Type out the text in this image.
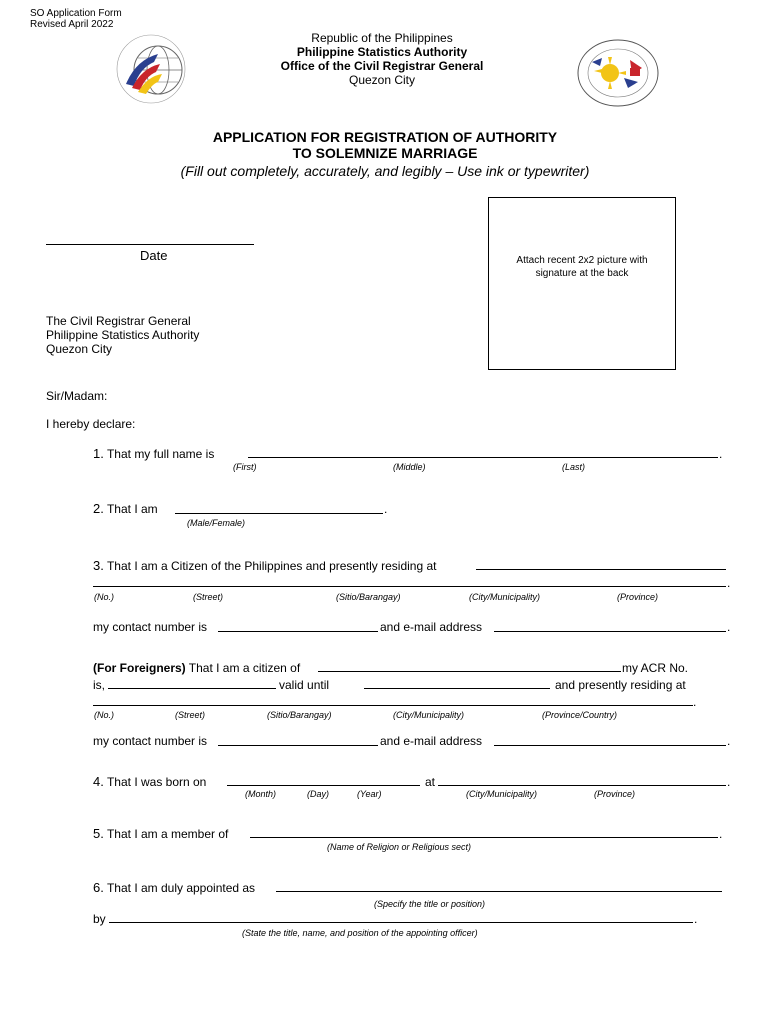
SO Application Form
Revised April 2022
Republic of the Philippines
Philippine Statistics Authority
Office of the Civil Registrar General
Quezon City
APPLICATION FOR REGISTRATION OF AUTHORITY
TO SOLEMNIZE MARRIAGE
(Fill out completely, accurately, and legibly – Use ink or typewriter)
Date	Attach recent 2x2 picture with
signature at the back
The Civil Registrar General
Philippine Statistics Authority
Quezon City
Sir/Madam:
I hereby declare:
1. That my full name is	.
(First)	(Middle)	(Last)
2. That I am	.
(Male/Female)
3. That I am a Citizen of the Philippines and presently residing at
.
(No.)	(Street)	(Sitio/Barangay)	(City/Municipality)	(Province)
my contact number is	and e-mail address	.
(For Foreigners) That I am a citizen of	my ACR No.
is,	valid until	and presently residing at
.
(No.)	(Street)	(Sitio/Barangay)	(City/Municipality)	(Province/Country)
my contact number is	and e-mail address	.
4. That I was born on	at	.
(Month)	(Day)	(Year)	(City/Municipality)	(Province)
5. That I am a member of	.
(Name of Religion or Religious sect)
6. That I am duly appointed as
(Specify the title or position)
by	.
(State the title, name, and position of the appointing officer)
